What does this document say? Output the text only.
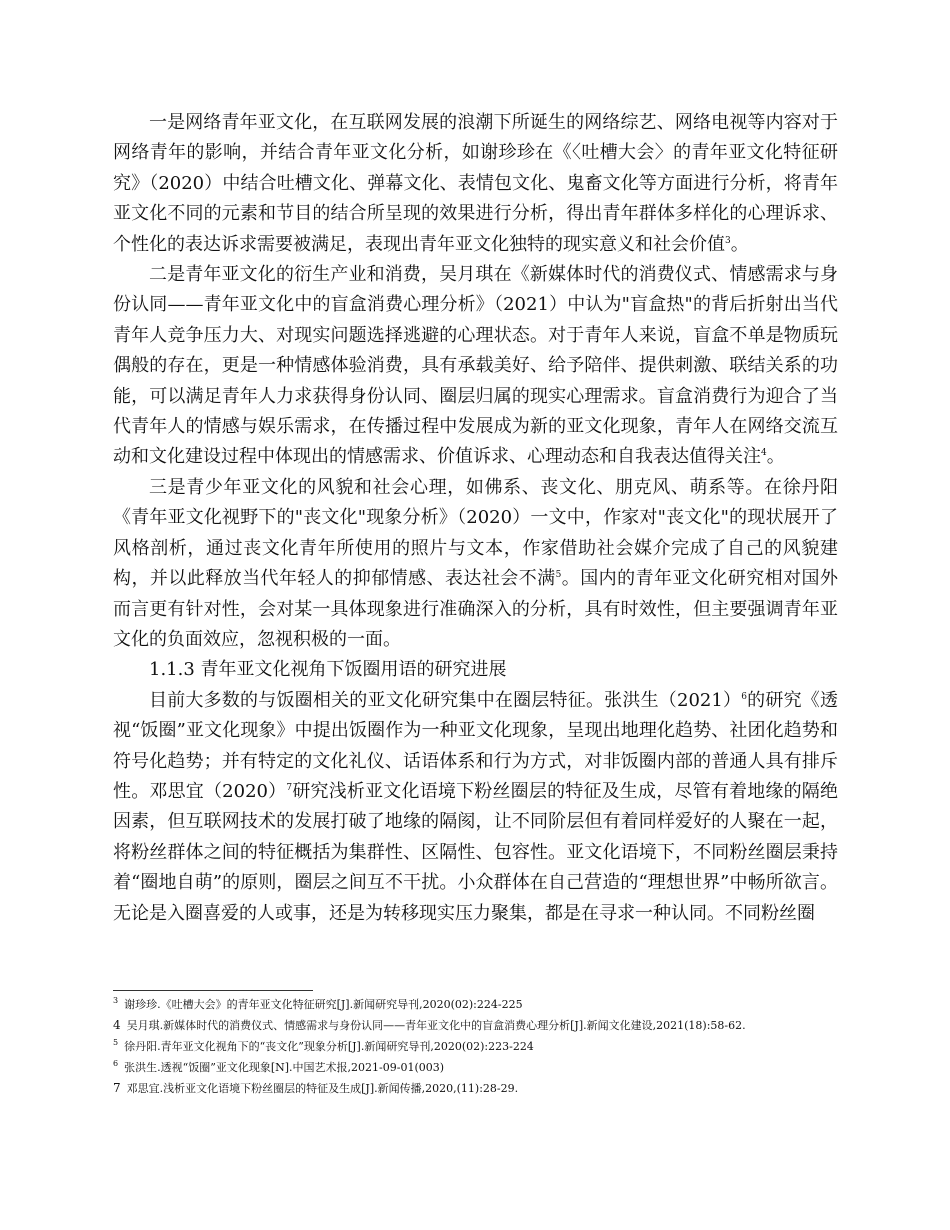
一是网络青年亚文化，在互联网发展的浪潮下所诞生的网络综艺、网络电视等内容对于网络青年的影响，并结合青年亚文化分析，如谢珍珍在《〈吐槽大会〉的青年亚文化特征研究》（2020）中结合吐槽文化、弹幕文化、表情包文化、鬼畜文化等方面进行分析，将青年亚文化不同的元素和节目的结合所呈现的效果进行分析，得出青年群体多样化的心理诉求、个性化的表达诉求需要被满足，表现出青年亚文化独特的现实意义和社会价值$^3$。

二是青年亚文化的衍生产业和消费，吴月琪在《新媒体时代的消费仪式、情感需求与身份认同——青年亚文化中的盲盒消费心理分析》（2021）中认为"盲盒热"的背后折射出当代青年人竞争压力大、对现实问题选择逃避的心理状态。对于青年人来说，盲盒不单是物质玩偶般的存在，更是一种情感体验消费，具有承载美好、给予陪伴、提供刺激、联结关系的功能，可以满足青年人力求获得身份认同、圈层归属的现实心理需求。盲盒消费行为迎合了当代青年人的情感与娱乐需求，在传播过程中发展成为新的亚文化现象，青年人在网络交流互动和文化建设过程中体现出的情感需求、价值诉求、心理动态和自我表达值得关注$^4$。

三是青少年亚文化的风貌和社会心理，如佛系、丧文化、朋克风、萌系等。在徐丹阳《青年亚文化视野下的"丧文化"现象分析》（2020）一文中，作家对"丧文化"的现状展开了风格剖析，通过丧文化青年所使用的照片与文本，作家借助社会媒介完成了自己的风貌建构，并以此释放当代年轻人的抑郁情感、表达社会不满$^5$。国内的青年亚文化研究相对国外而言更有针对性，会对某一具体现象进行准确深入的分析，具有时效性，但主要强调青年亚文化的负面效应，忽视积极的一面。

1.1.3 青年亚文化视角下饭圈用语的研究进展

目前大多数的与饭圈相关的亚文化研究集中在圈层特征。张洪生（2021）$^6$的研究《透视“饭圈”亚文化现象》中提出饭圈作为一种亚文化现象，呈现出地理化趋势、社团化趋势和符号化趋势；并有特定的文化礼仪、话语体系和行为方式，对非饭圈内部的普通人具有排斥性。邓思宜（2020）$^7$研究浅析亚文化语境下粉丝圈层的特征及生成，尽管有着地缘的隔绝因素，但互联网技术的发展打破了地缘的隔阂，让不同阶层但有着同样爱好的人聚在一起，将粉丝群体之间的特征概括为集群性、区隔性、包容性。亚文化语境下，不同粉丝圈层秉持着“圈地自萌”的原则，圈层之间互不干扰。小众群体在自己营造的“理想世界”中畅所欲言。无论是入圈喜爱的人或事，还是为转移现实压力聚集，都是在寻求一种认同。不同粉丝圈

$^3$ 谢珍珍.《吐槽大会》的青年亚文化特征研究[J].新闻研究导刊,2020(02):224-225
4 吴月琪.新媒体时代的消费仪式、情感需求与身份认同——青年亚文化中的盲盒消费心理分析[J].新闻文化建设,2021(18):58-62.
$^5$ 徐丹阳.青年亚文化视角下的“丧文化”现象分析[J].新闻研究导刊,2020(02):223-224
$^6$ 张洪生.透视“饭圈”亚文化现象[N].中国艺术报,2021-09-01(003)
7 邓思宜.浅析亚文化语境下粉丝圈层的特征及生成[J].新闻传播,2020,(11):28-29.
